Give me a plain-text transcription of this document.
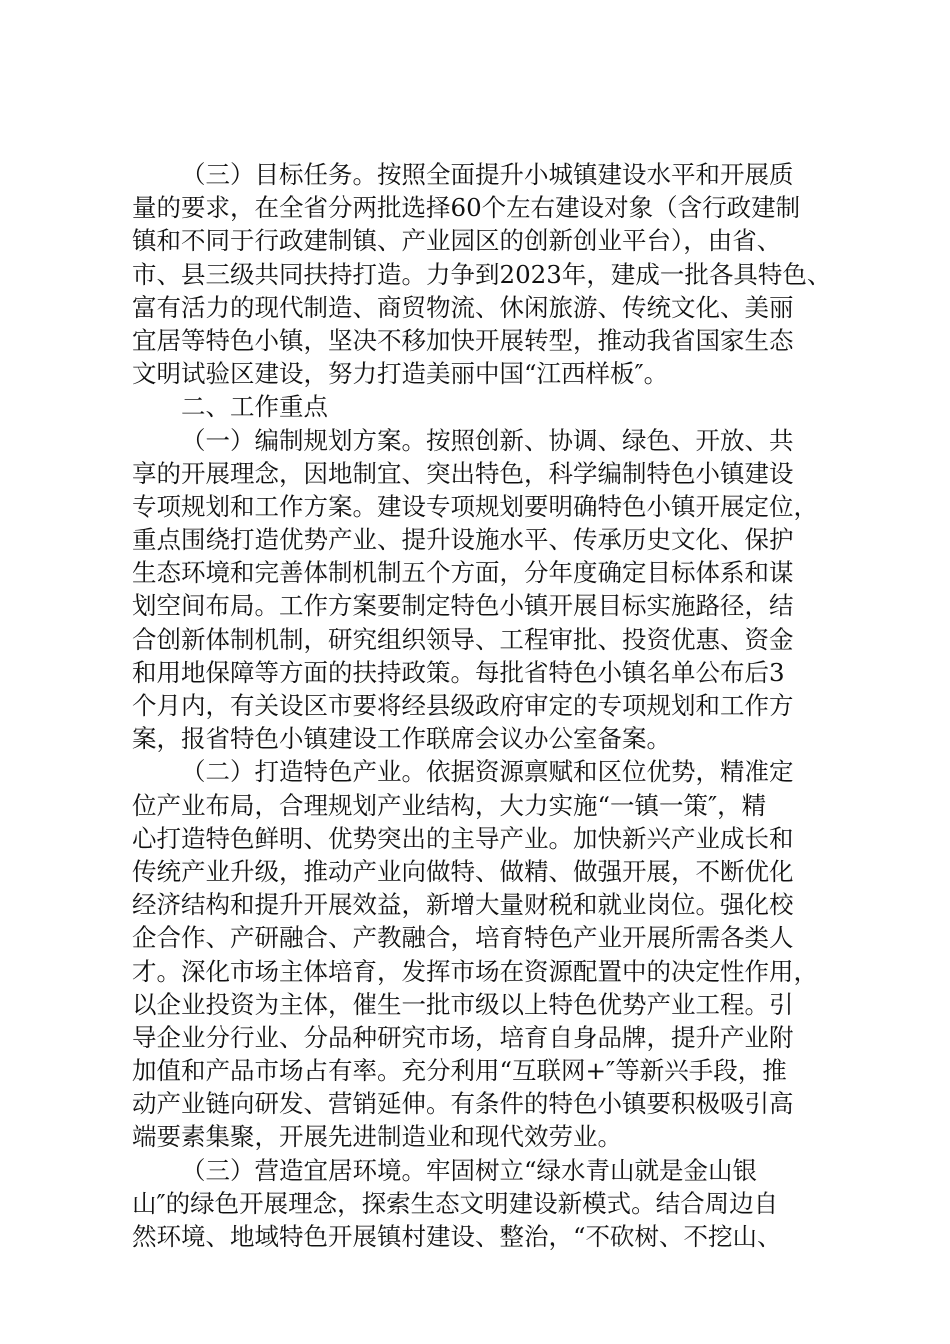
（三）目标任务。按照全面提升小城镇建设水平和开展质
量的要求，在全省分两批选择60个左右建设对象（含行政建制
镇和不同于行政建制镇、产业园区的创新创业平台），由省、
市、县三级共同扶持打造。力争到2023年，建成一批各具特色、
富有活力的现代制造、商贸物流、休闲旅游、传统文化、美丽
宜居等特色小镇，坚决不移加快开展转型，推动我省国家生态
文明试验区建设，努力打造美丽中国“江西样板″。
二、工作重点
（一）编制规划方案。按照创新、协调、绿色、开放、共
享的开展理念，因地制宜、突出特色，科学编制特色小镇建设
专项规划和工作方案。建设专项规划要明确特色小镇开展定位，
重点围绕打造优势产业、提升设施水平、传承历史文化、保护
生态环境和完善体制机制五个方面，分年度确定目标体系和谋
划空间布局。工作方案要制定特色小镇开展目标实施路径，结
合创新体制机制，研究组织领导、工程审批、投资优惠、资金
和用地保障等方面的扶持政策。每批省特色小镇名单公布后3
个月内，有关设区市要将经县级政府审定的专项规划和工作方
案，报省特色小镇建设工作联席会议办公室备案。
（二）打造特色产业。依据资源禀赋和区位优势，精准定
位产业布局，合理规划产业结构，大力实施“一镇一策″，精
心打造特色鲜明、优势突出的主导产业。加快新兴产业成长和
传统产业升级，推动产业向做特、做精、做强开展，不断优化
经济结构和提升开展效益，新增大量财税和就业岗位。强化校
企合作、产研融合、产教融合，培育特色产业开展所需各类人
才。深化市场主体培育，发挥市场在资源配置中的决定性作用，
以企业投资为主体，催生一批市级以上特色优势产业工程。引
导企业分行业、分品种研究市场，培育自身品牌，提升产业附
加值和产品市场占有率。充分利用“互联网+″等新兴手段，推
动产业链向研发、营销延伸。有条件的特色小镇要积极吸引高
端要素集聚，开展先进制造业和现代效劳业。
（三）营造宜居环境。牢固树立“绿水青山就是金山银
山″的绿色开展理念，探索生态文明建设新模式。结合周边自
然环境、地域特色开展镇村建设、整治，“不砍树、不挖山、
